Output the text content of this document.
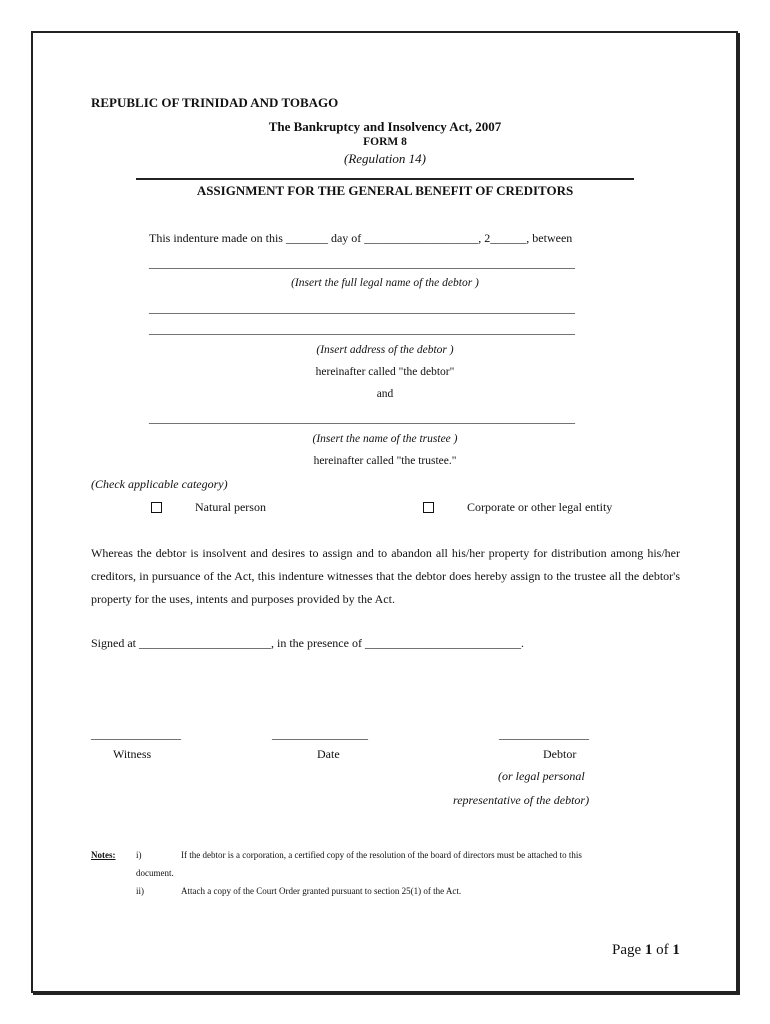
REPUBLIC OF TRINIDAD AND TOBAGO
The Bankruptcy and Insolvency Act, 2007
FORM 8
(Regulation 14)
ASSIGNMENT FOR THE GENERAL BENEFIT OF CREDITORS
This indenture made on this _______ day of ___________________, 2______, between
_______________________________________________________________________
(Insert the full legal name of the debtor )
_______________________________________________________________________
_______________________________________________________________________
(Insert address of the debtor )
hereinafter called "the debtor"
and
_______________________________________________________________________
(Insert the name of the trustee )
hereinafter called "the trustee."
(Check applicable category)
Natural person	Corporate or other legal entity
Whereas the debtor is insolvent and desires to assign and to abandon all his/her property for distribution among his/her creditors, in pursuance of the Act, this indenture witnesses that the debtor does hereby assign to the trustee all the debtor's property for the uses, intents and purposes provided by the Act.
Signed at ______________________, in the presence of __________________________.
_______________
Witness
________________
Date
_______________
Debtor
(or legal personal
representative of the debtor)
Notes: i)	If the debtor is a corporation, a certified copy of the resolution of the board of directors must be attached to this
document.
ii)	Attach a copy of the Court Order granted pursuant to section 25(1) of the Act.
Page 1 of 1
